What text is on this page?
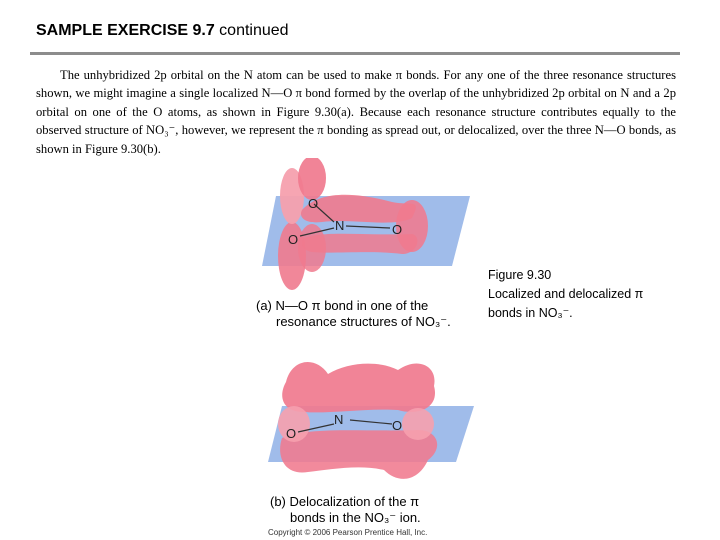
SAMPLE EXERCISE 9.7 continued

The unhybridized 2p orbital on the N atom can be used to make π bonds. For any one of the three resonance structures shown, we might imagine a single localized N—O π bond formed by the overlap of the unhybridized 2p orbital on N and a 2p orbital on one of the O atoms, as shown in Figure 9.30(a). Because each resonance structure contributes equally to the observed structure of NO₃⁻, however, we represent the π bonding as spread out, or delocalized, over the three N—O bonds, as shown in Figure 9.30(b).

O
N	O
O
(a) N—O π bond in one of the
resonance structures of NO₃⁻.
N	O
O
(b) Delocalization of the π
bonds in the NO₃⁻ ion.
Figure 9.30
Localized and delocalized π
bonds in NO₃⁻.
Copyright © 2006 Pearson Prentice Hall, Inc.
